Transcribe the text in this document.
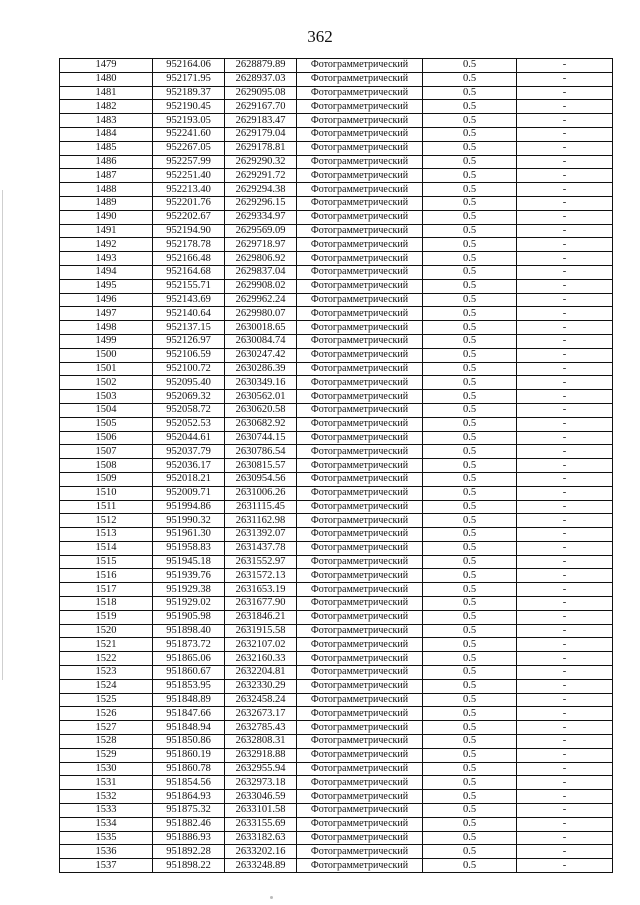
362
1479	952164.06	2628879.89	Фотограмметрический	0.5	-
1480	952171.95	2628937.03	Фотограмметрический	0.5	-
1481	952189.37	2629095.08	Фотограмметрический	0.5	-
1482	952190.45	2629167.70	Фотограмметрический	0.5	-
1483	952193.05	2629183.47	Фотограмметрический	0.5	-
1484	952241.60	2629179.04	Фотограмметрический	0.5	-
1485	952267.05	2629178.81	Фотограмметрический	0.5	-
1486	952257.99	2629290.32	Фотограмметрический	0.5	-
1487	952251.40	2629291.72	Фотограмметрический	0.5	-
1488	952213.40	2629294.38	Фотограмметрический	0.5	-
1489	952201.76	2629296.15	Фотограмметрический	0.5	-
1490	952202.67	2629334.97	Фотограмметрический	0.5	-
1491	952194.90	2629569.09	Фотограмметрический	0.5	-
1492	952178.78	2629718.97	Фотограмметрический	0.5	-
1493	952166.48	2629806.92	Фотограмметрический	0.5	-
1494	952164.68	2629837.04	Фотограмметрический	0.5	-
1495	952155.71	2629908.02	Фотограмметрический	0.5	-
1496	952143.69	2629962.24	Фотограмметрический	0.5	-
1497	952140.64	2629980.07	Фотограмметрический	0.5	-
1498	952137.15	2630018.65	Фотограмметрический	0.5	-
1499	952126.97	2630084.74	Фотограмметрический	0.5	-
1500	952106.59	2630247.42	Фотограмметрический	0.5	-
1501	952100.72	2630286.39	Фотограмметрический	0.5	-
1502	952095.40	2630349.16	Фотограмметрический	0.5	-
1503	952069.32	2630562.01	Фотограмметрический	0.5	-
1504	952058.72	2630620.58	Фотограмметрический	0.5	-
1505	952052.53	2630682.92	Фотограмметрический	0.5	-
1506	952044.61	2630744.15	Фотограмметрический	0.5	-
1507	952037.79	2630786.54	Фотограмметрический	0.5	-
1508	952036.17	2630815.57	Фотограмметрический	0.5	-
1509	952018.21	2630954.56	Фотограмметрический	0.5	-
1510	952009.71	2631006.26	Фотограмметрический	0.5	-
1511	951994.86	2631115.45	Фотограмметрический	0.5	-
1512	951990.32	2631162.98	Фотограмметрический	0.5	-
1513	951961.30	2631392.07	Фотограмметрический	0.5	-
1514	951958.83	2631437.78	Фотограмметрический	0.5	-
1515	951945.18	2631552.97	Фотограмметрический	0.5	-
1516	951939.76	2631572.13	Фотограмметрический	0.5	-
1517	951929.38	2631653.19	Фотограмметрический	0.5	-
1518	951929.02	2631677.90	Фотограмметрический	0.5	-
1519	951905.98	2631846.21	Фотограмметрический	0.5	-
1520	951898.40	2631915.58	Фотограмметрический	0.5	-
1521	951873.72	2632107.02	Фотограмметрический	0.5	-
1522	951865.06	2632160.33	Фотограмметрический	0.5	-
1523	951860.67	2632204.81	Фотограмметрический	0.5	-
1524	951853.95	2632330.29	Фотограмметрический	0.5	-
1525	951848.89	2632458.24	Фотограмметрический	0.5	-
1526	951847.66	2632673.17	Фотограмметрический	0.5	-
1527	951848.94	2632785.43	Фотограмметрический	0.5	-
1528	951850.86	2632808.31	Фотограмметрический	0.5	-
1529	951860.19	2632918.88	Фотограмметрический	0.5	-
1530	951860.78	2632955.94	Фотограмметрический	0.5	-
1531	951854.56	2632973.18	Фотограмметрический	0.5	-
1532	951864.93	2633046.59	Фотограмметрический	0.5	-
1533	951875.32	2633101.58	Фотограмметрический	0.5	-
1534	951882.46	2633155.69	Фотограмметрический	0.5	-
1535	951886.93	2633182.63	Фотограмметрический	0.5	-
1536	951892.28	2633202.16	Фотограмметрический	0.5	-
1537	951898.22	2633248.89	Фотограмметрический	0.5	-
